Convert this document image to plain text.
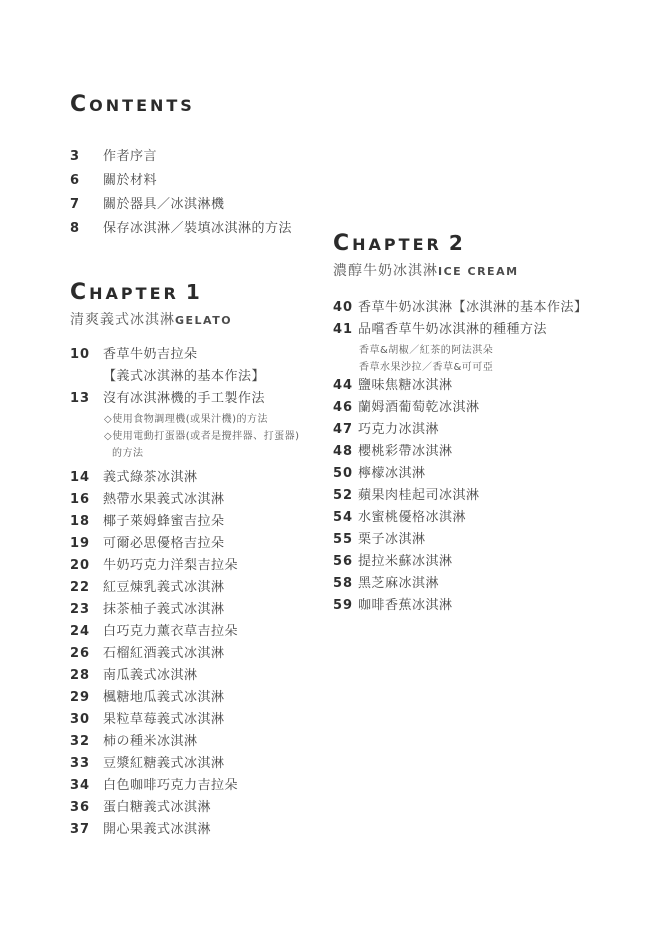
CONTENTS
3	作者序言
6	關於材料
7	關於器具／冰淇淋機
8	保存冰淇淋／裝填冰淇淋的方法
CHAPTER 1
清爽義式冰淇淋GELATO
10 香草牛奶吉拉朵
【義式冰淇淋的基本作法】
13 沒有冰淇淋機的手工製作法
◇使用食物調理機(或果汁機)的方法
◇使用電動打蛋器(或者是攪拌器、打蛋器)
的方法
14 義式綠茶冰淇淋
16 熱帶水果義式冰淇淋
18 椰子萊姆蜂蜜吉拉朵
19 可爾必思優格吉拉朵
20 牛奶巧克力洋梨吉拉朵
22 紅豆煉乳義式冰淇淋
23 抹茶柚子義式冰淇淋
24 白巧克力薰衣草吉拉朵
26 石榴紅酒義式冰淇淋
28 南瓜義式冰淇淋
29 楓糖地瓜義式冰淇淋
30 果粒草莓義式冰淇淋
32 柿の種米冰淇淋
33 豆漿紅糖義式冰淇淋
34 白色咖啡巧克力吉拉朵
36 蛋白糖義式冰淇淋
37 開心果義式冰淇淋
CHAPTER 2
濃醇牛奶冰淇淋ICE CREAM
40 香草牛奶冰淇淋【冰淇淋的基本作法】
41 品嚐香草牛奶冰淇淋的種種方法
香草&胡椒／紅茶的阿法淇朵
香草水果沙拉／香草&可可亞
44 鹽味焦糖冰淇淋
46 蘭姆酒葡萄乾冰淇淋
47 巧克力冰淇淋
48 櫻桃彩帶冰淇淋
50 檸檬冰淇淋
52 蘋果肉桂起司冰淇淋
54 水蜜桃優格冰淇淋
55 栗子冰淇淋
56 提拉米蘇冰淇淋
58 黑芝麻冰淇淋
59 咖啡香蕉冰淇淋
